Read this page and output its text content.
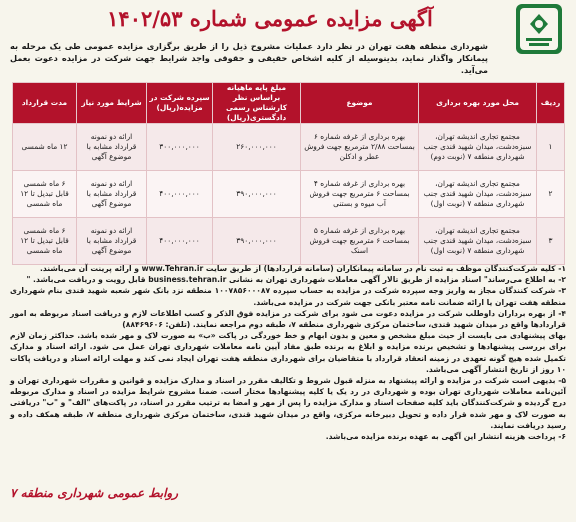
آگهی مزایده عمومی شماره ۱۴۰۲/۵۳
شهرداری منطقه هفت تهران در نظر دارد عملیات مشروح ذیل را از طریق برگزاری مزایده عمومی طی یک مرحله به پیمانکار واگذار نماید، بدینوسیله از کلیه اشخاص حقیقی و حقوقی واجد شرایط جهت شرکت در مزایده دعوت بعمل می‌آید.
ردیف	محل مورد بهره برداری	موضوع	مبلغ پایه ماهیانه براساس نظر کارشناس رسمی دادگستری(ریال)	سپرده شرکت در مزایده(ریال)	شرایط مورد نیاز	مدت قرارداد
۱	مجتمع تجاری اندیشه تهران، سبزه‌دشت، میدان شهید قندی جنب شهرداری منطقه ۷ (نوبت دوم)	بهره برداری از غرفه شماره ۶ بمساحت ۲/۸۸ مترمربع جهت فروش عطر و ادکلن	۲۶۰,۰۰۰,۰۰۰	۳۰۰,۰۰۰,۰۰۰	ارائه دو نمونه قرارداد مشابه با موضوع آگهی	۱۲ ماه شمسی
۲	مجتمع تجاری اندیشه تهران، سبزه‌دشت، میدان شهید قندی جنب شهرداری منطقه ۷ (نوبت اول)	بهره برداری از غرفه شماره ۴ بمساحت ۶ مترمربع جهت فروش آب میوه و بستنی	۳۹۰,۰۰۰,۰۰۰	۴۰۰,۰۰۰,۰۰۰	ارائه دو نمونه قرارداد مشابه با موضوع آگهی	۶ ماه شمسی قابل تبدیل تا ۱۲ ماه شمسی
۳	مجتمع تجاری اندیشه تهران، سبزه‌دشت، میدان شهید قندی جنب شهرداری منطقه ۷ (نوبت اول)	بهره برداری از غرفه شماره ۵ بمساحت ۶ مترمربع جهت فروش اسنک	۳۹۰,۰۰۰,۰۰۰	۴۰۰,۰۰۰,۰۰۰	ارائه دو نمونه قرارداد مشابه با موضوع آگهی	۶ ماه شمسی قابل تبدیل تا ۱۲ ماه شمسی

۱- کلیه شرکت‌کنندگان موظف به ثبت نام در سامانه پیمانکاران (سامانه قراردادها) از طریق سایت www.Tehran.ir و ارائه پرینت آن می‌باشند.

۲- به اطلاع می‌رساند" اسناد مزایده از طریق تالار آگهی معاملات شهرداری تهران به نشانی business.tehran.ir قابل رویت و دریافت می‌باشد. "

۳- شرکت کنندگان مجاز به واریز وجه سپرده شرکت در مزایده به حساب سپرده ۱۰۰۷۸۵۶۰۰۰۸۷ منطقه نزد بانک شهر شعبه شهید قندی بنام شهرداری منطقه هفت تهران یا ارائه ضمانت نامه معتبر بانکی جهت شرکت در مزایده می‌باشد.

۴- از بهره برداران داوطلب شرکت در مزایده دعوت می شود برای شرکت در مزایده فوق الذکر و کسب اطلاعات لازم و دریافت اسناد مربوطه به امور قراردادها واقع در میدان شهید قندی، ساختمان مرکزی شهرداری منطقه ۷، طبقه دوم مراجعه نمایند. (تلفن: ۸۸۴۶۹۶۰۶)

بهای پیشنهادی می بایست از حیث مبلغ مشخص و معین و بدون ابهام و خط خوردگی در پاکت «ب» به صورت لاک و مهر شده باشد. حداکثر زمان لازم برای بررسی پیشنهادها و تشخیص برنده مزایده و ابلاغ به برنده طبق مفاد آیین نامه معاملات شهرداری تهران عمل می شود. ارائه اسناد و مدارک تکمیل شده هیچ گونه تعهدی در زمینه انعقاد قرارداد با متقاضیان برای شهرداری منطقه هفت تهران ایجاد نمی کند و مهلت ارائه اسناد و دریافت پاکات ۱۰ روز از تاریخ انتشار آگهی می‌باشد.

۵- بدیهی است شرکت در مزایده و ارائه پیشنهاد به منزله قبول شروط و تکالیف مقرر در اسناد و مدارک مزایده و قوانین و مقررات شهرداری تهران و آئین‌نامه معاملات شهرداری تهران بوده و شهرداری در رد یک یا کلیه پیشنهادها مختار است. ضمنا مشروح شرایط مزایده در اسناد و مدارک مربوطه درج گردیده و شرکت‌کنندگان باید کلیه صفحات اسناد و مدارک مزایده را پس از مهر و امضا به ترتیب مقرر در اسناد، در پاکت‌های "الف" و "ب" دریافتی به صورت لاک و مهر شده قرار داده و تحویل دبیرخانه مرکزی، واقع در میدان شهید قندی، ساختمان مرکزی شهرداری منطقه ۷، طبقه همکف داده و رسید دریافت نمایند.

۶- پرداخت هزینه انتشار این آگهی به عهده برنده مزایده می‌باشد.

روابط عمومی شهرداری منطقه ۷
